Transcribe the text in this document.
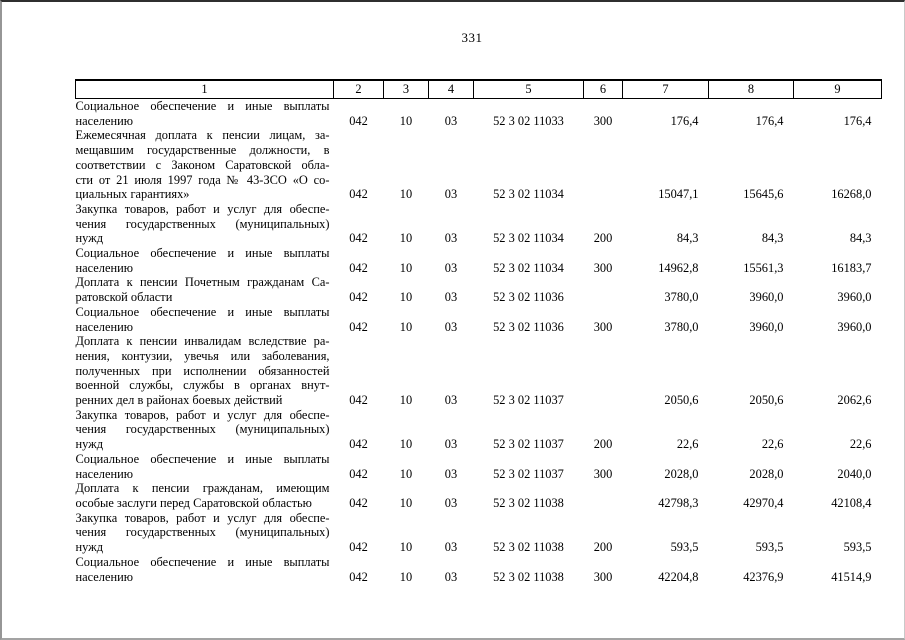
331
1	2	3	4	5	6	7	8	9

Социальное обеспечение и иные выплаты
населению	042	10	03	52 3 02 11033	300	176,4	176,4	176,4

Ежемесячная доплата к пенсии лицам, за-
мещавшим государственные должности, в
соответствии с Законом Саратовской обла-
сти от 21 июля 1997 года № 43-ЗСО «О со-
циальных гарантиях»	042	10	03	52 3 02 11034		15047,1	15645,6	16268,0

Закупка товаров, работ и услуг для обеспе-
чения государственных (муниципальных)
нужд	042	10	03	52 3 02 11034	200	84,3	84,3	84,3

Социальное обеспечение и иные выплаты
населению	042	10	03	52 3 02 11034	300	14962,8	15561,3	16183,7

Доплата к пенсии Почетным гражданам Са-
ратовской области	042	10	03	52 3 02 11036		3780,0	3960,0	3960,0

Социальное обеспечение и иные выплаты
населению	042	10	03	52 3 02 11036	300	3780,0	3960,0	3960,0

Доплата к пенсии инвалидам вследствие ра-
нения, контузии, увечья или заболевания,
полученных при исполнении обязанностей
военной службы, службы в органах внут-
ренних дел в районах боевых действий	042	10	03	52 3 02 11037		2050,6	2050,6	2062,6

Закупка товаров, работ и услуг для обеспе-
чения государственных (муниципальных)
нужд	042	10	03	52 3 02 11037	200	22,6	22,6	22,6

Социальное обеспечение и иные выплаты
населению	042	10	03	52 3 02 11037	300	2028,0	2028,0	2040,0

Доплата к пенсии гражданам, имеющим
особые заслуги перед Саратовской областью	042	10	03	52 3 02 11038		42798,3	42970,4	42108,4

Закупка товаров, работ и услуг для обеспе-
чения государственных (муниципальных)
нужд	042	10	03	52 3 02 11038	200	593,5	593,5	593,5

Социальное обеспечение и иные выплаты
населению	042	10	03	52 3 02 11038	300	42204,8	42376,9	41514,9
